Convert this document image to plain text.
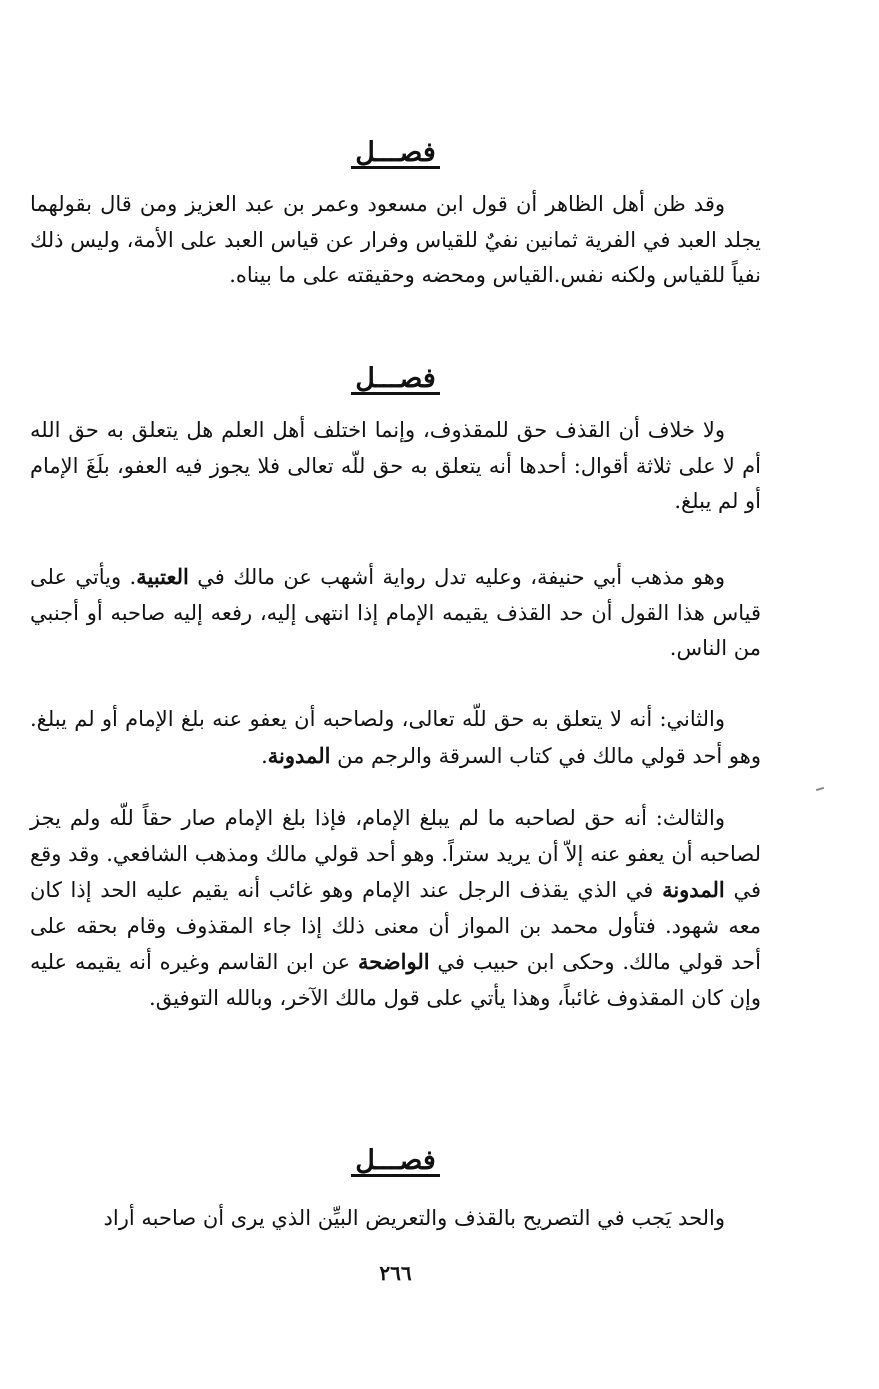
فصـــل

وقد ظن أهل الظاهر أن قول ابن مسعود وعمر بن عبد العزيز ومن قال بقولهما يجلد العبد في الفرية ثمانين نفيٌ للقياس وفرار عن قياس العبد على الأمة، وليس ذلك نفياً للقياس ولكنه نفس.القياس ومحضه وحقيقته على ما بيناه.

فصـــل

ولا خلاف أن القذف حق للمقذوف، وإنما اختلف أهل العلم هل يتعلق به حق الله أم لا على ثلاثة أقوال: أحدها أنه يتعلق به حق للّه تعالى فلا يجوز فيه العفو، بلَغَ الإمام أو لم يبلغ.

وهو مذهب أبي حنيفة، وعليه تدل رواية أشهب عن مالك في العتبية. ويأتي على قياس هذا القول أن حد القذف يقيمه الإمام إذا انتهى إليه، رفعه إليه صاحبه أو أجنبي من الناس.

والثاني: أنه لا يتعلق به حق للّه تعالى، ولصاحبه أن يعفو عنه بلغ الإمام أو لم يبلغ. وهو أحد قولي مالك في كتاب السرقة والرجم من المدونة.

والثالث: أنه حق لصاحبه ما لم يبلغ الإمام، فإذا بلغ الإمام صار حقاً للّه ولم يجز لصاحبه أن يعفو عنه إلاّ أن يريد ستراً. وهو أحد قولي مالك ومذهب الشافعي. وقد وقع في المدونة في الذي يقذف الرجل عند الإمام وهو غائب أنه يقيم عليه الحد إذا كان معه شهود. فتأول محمد بن المواز أن معنى ذلك إذا جاء المقذوف وقام بحقه على أحد قولي مالك. وحكى ابن حبيب في الواضحة عن ابن القاسم وغيره أنه يقيمه عليه وإن كان المقذوف غائباً، وهذا يأتي على قول مالك الآخر، وبالله التوفيق.

فصـــل

والحد يَجب في التصريح بالقذف والتعريض البيِّن الذي يرى أن صاحبه أراد

٢٦٦
